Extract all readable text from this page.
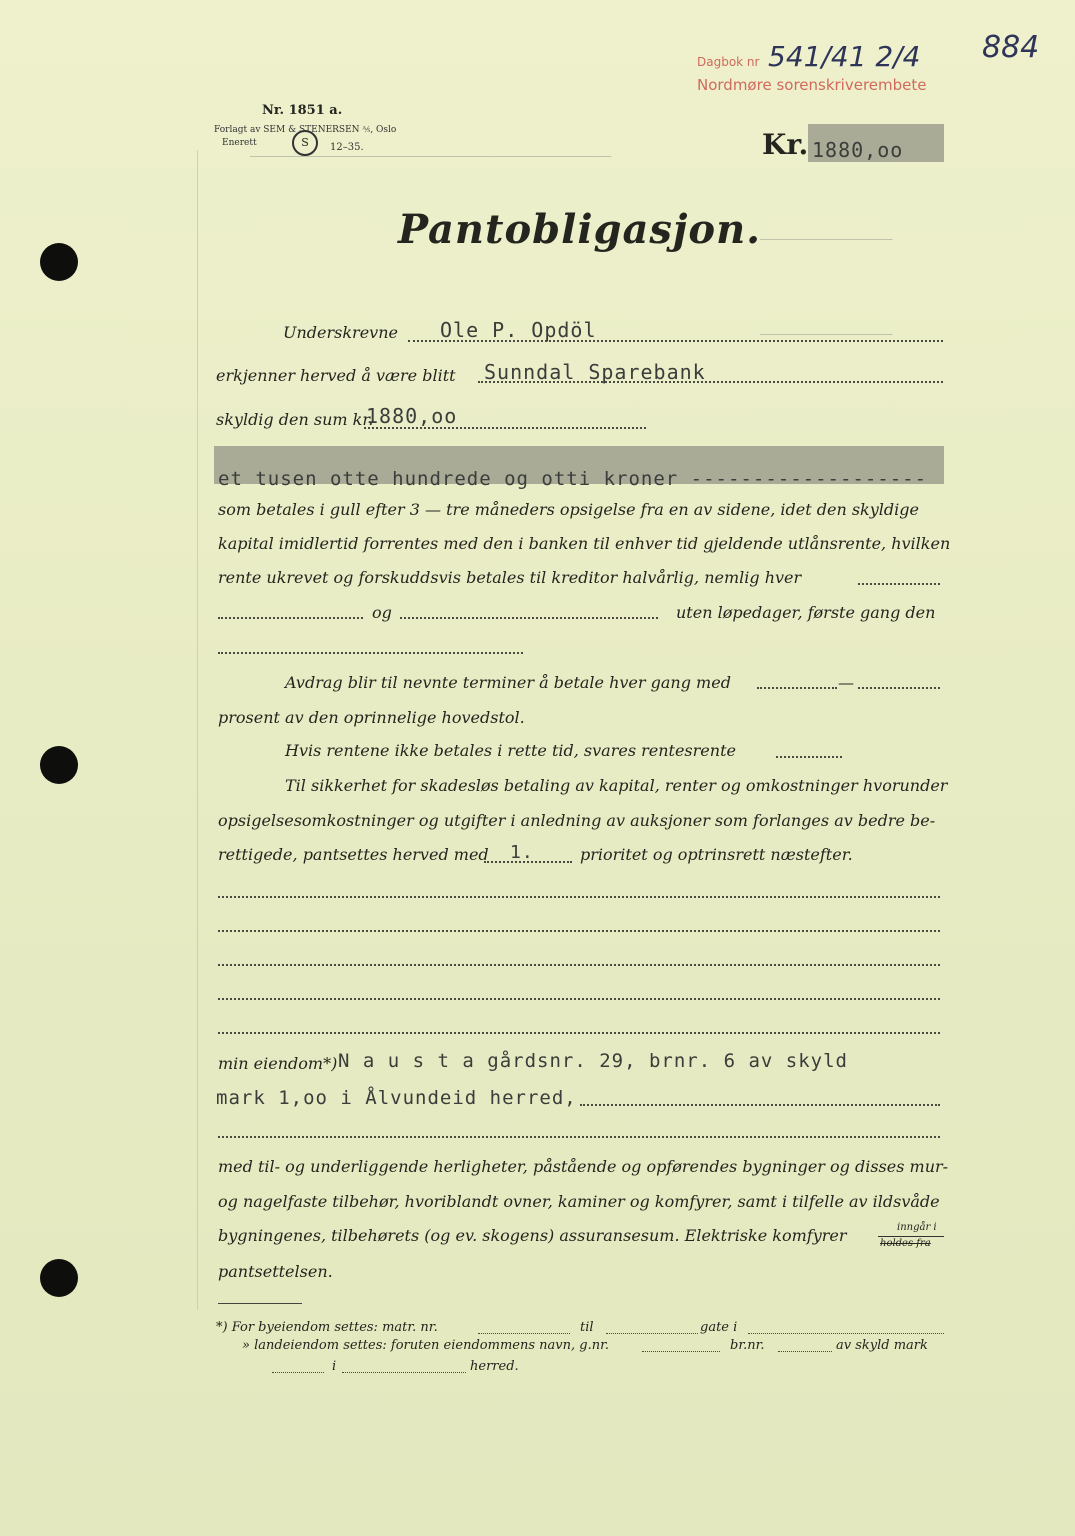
────────────────────────────────────────────────────────────
──────────────────────
──────────────────────
Dagbok nr 541/41 2/4
Nordmøre sorenskriverembete
884
Nr. 1851 a.
Forlagt av SEM & STENERSEN ⅍, Oslo
Enerett	S	12–35.	Kr. 1880,oo
Pantobligasjon.
Underskrevne Ole P. Opdöl
erkjenner herved å være blitt Sunndal Sparebank
skyldig den sum kr.
1880,oo
et tusen otte hundrede og otti kroner -------------------
som betales i gull efter 3 — tre måneders opsigelse fra en av sidene, idet den skyldige
kapital imidlertid forrentes med den i banken til enhver tid gjeldende utlånsrente, hvilken
rente ukrevet og forskuddsvis betales til kreditor halvårlig, nemlig hver
og	uten løpedager, første gang den
Avdrag blir til nevnte terminer å betale hver gang med	—
prosent av den oprinnelige hovedstol.
Hvis rentene ikke betales i rette tid, svares rentesrente
Til sikkerhet for skadesløs betaling av kapital, renter og omkostninger hvorunder
opsigelsesomkostninger og utgifter i anledning av auksjoner som forlanges av bedre be-
rettigede, pantsettes herved med 1.	prioritet og optrinsrett næstefter.
min eiendom*) N a u s t a gårdsnr. 29, brnr. 6 av skyld
mark 1,oo i Ålvundeid herred,
med til- og underliggende herligheter, påstående og opførendes bygninger og disses mur-
og nagelfaste tilbehør, hvoriblandt ovner, kaminer og komfyrer, samt i tilfelle av ildsvåde
bygningenes, tilbehørets (og ev. skogens) assuransesum. Elektriske komfyrer	inngår i
holdes fra
pantsettelsen.
*) For byeiendom settes: matr. nr.	til	gate i
» landeiendom settes: foruten eiendommens navn, g.nr.	br.nr.	av skyld mark
i	herred.
